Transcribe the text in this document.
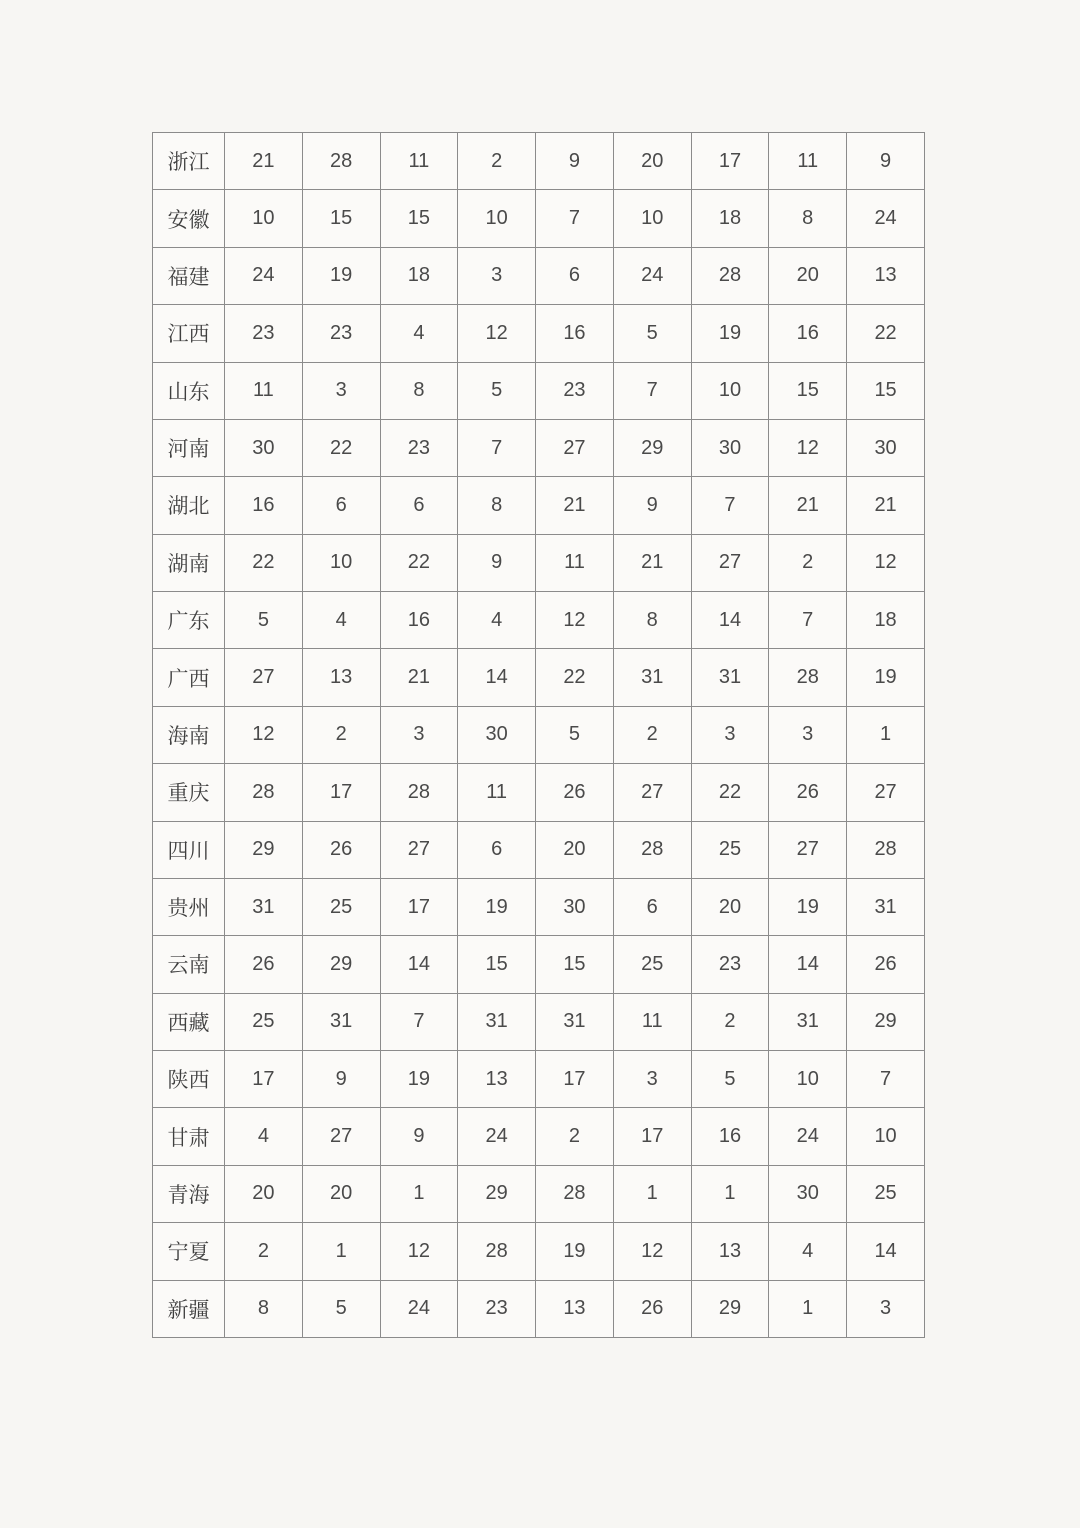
浙江	21	28	11	2	9	20	17	11	9
安徽	10	15	15	10	7	10	18	8	24
福建	24	19	18	3	6	24	28	20	13
江西	23	23	4	12	16	5	19	16	22
山东	11	3	8	5	23	7	10	15	15
河南	30	22	23	7	27	29	30	12	30
湖北	16	6	6	8	21	9	7	21	21
湖南	22	10	22	9	11	21	27	2	12
广东	5	4	16	4	12	8	14	7	18
广西	27	13	21	14	22	31	31	28	19
海南	12	2	3	30	5	2	3	3	1
重庆	28	17	28	11	26	27	22	26	27
四川	29	26	27	6	20	28	25	27	28
贵州	31	25	17	19	30	6	20	19	31
云南	26	29	14	15	15	25	23	14	26
西藏	25	31	7	31	31	11	2	31	29
陕西	17	9	19	13	17	3	5	10	7
甘肃	4	27	9	24	2	17	16	24	10
青海	20	20	1	29	28	1	1	30	25
宁夏	2	1	12	28	19	12	13	4	14
新疆	8	5	24	23	13	26	29	1	3
